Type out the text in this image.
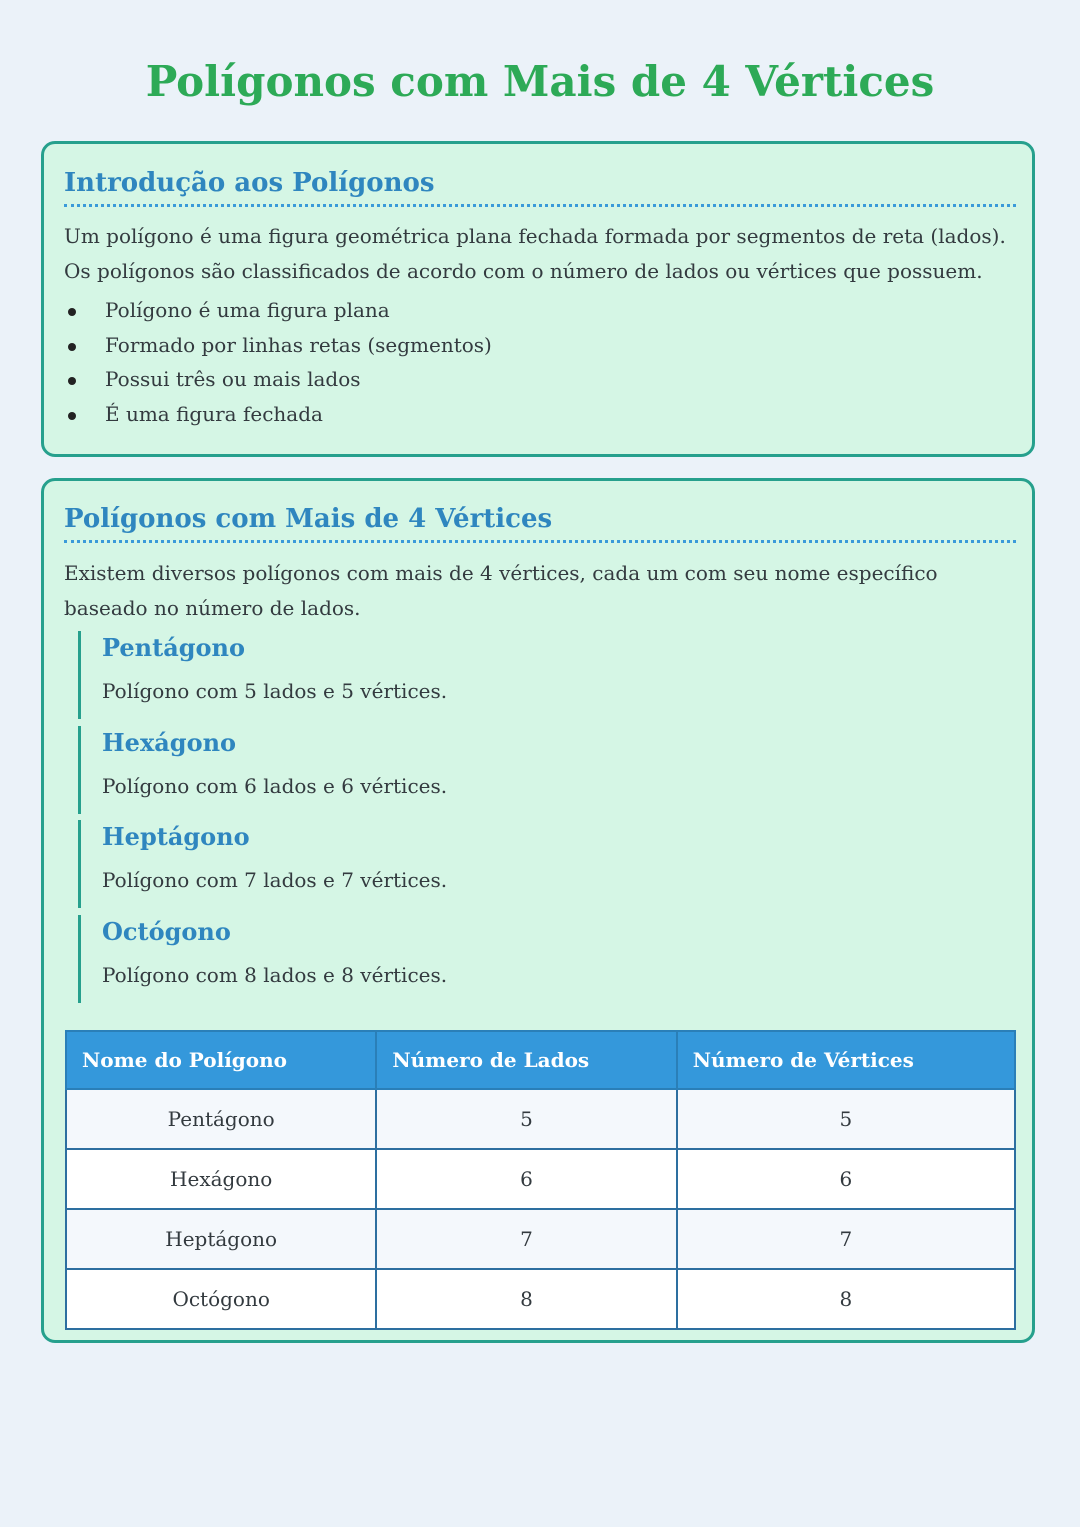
Polígonos com Mais de 4 Vértices
Introdução aos Polígonos

Um polígono é uma figura geométrica plana fechada formada por segmentos de reta (lados).
Os polígonos são classificados de acordo com o número de lados ou vértices que possuem.

Polígono é uma figura plana
Formado por linhas retas (segmentos)
Possui três ou mais lados
É uma figura fechada
Polígonos com Mais de 4 Vértices

Existem diversos polígonos com mais de 4 vértices, cada um com seu nome específico
baseado no número de lados.

Pentágono

Polígono com 5 lados e 5 vértices.

Hexágono

Polígono com 6 lados e 6 vértices.

Heptágono

Polígono com 7 lados e 7 vértices.

Octógono

Polígono com 8 lados e 8 vértices.

Nome do Polígono	Número de Lados	Número de Vértices
Pentágono	5	5
Hexágono	6	6
Heptágono	7	7
Octógono	8	8
